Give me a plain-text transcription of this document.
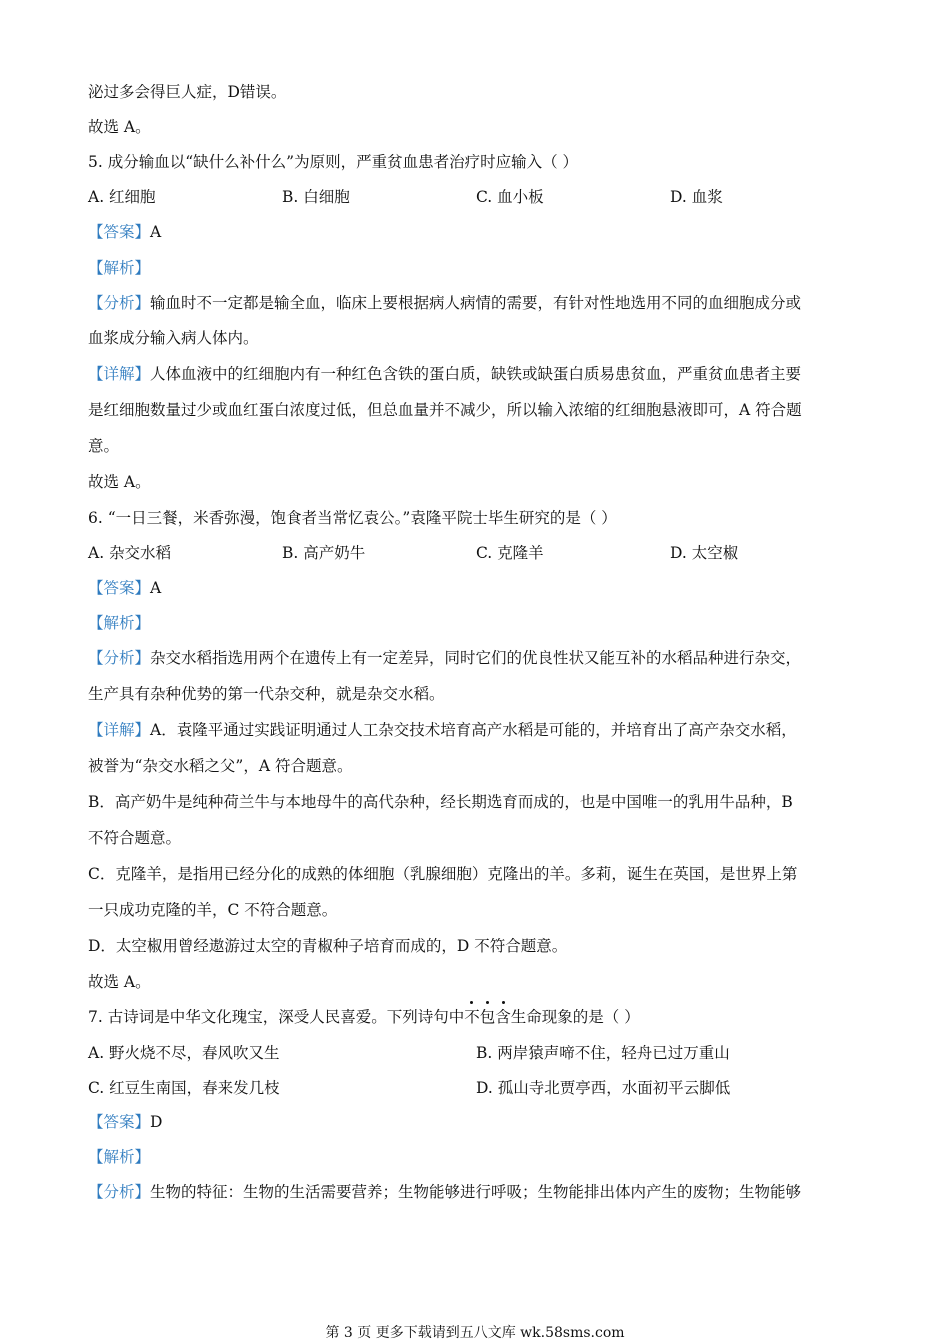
泌过多会得巨人症，D错误。
故选 A。
5. 成分输血以“缺什么补什么”为原则，严重贫血患者治疗时应输入（ ）
A. 红细胞	B. 白细胞	C. 血小板	D. 血浆
【答案】A
【解析】
【分析】输血时不一定都是输全血，临床上要根据病人病情的需要，有针对性地选用不同的血细胞成分或
血浆成分输入病人体内。
【详解】人体血液中的红细胞内有一种红色含铁的蛋白质，缺铁或缺蛋白质易患贫血，严重贫血患者主要
是红细胞数量过少或血红蛋白浓度过低，但总血量并不减少，所以输入浓缩的红细胞悬液即可，A 符合题
意。
故选 A。
6. “一日三餐，米香弥漫，饱食者当常忆袁公。”袁隆平院士毕生研究的是（ ）
A. 杂交水稻	B. 高产奶牛	C. 克隆羊	D. 太空椒
【答案】A
【解析】
【分析】杂交水稻指选用两个在遗传上有一定差异，同时它们的优良性状又能互补的水稻品种进行杂交，
生产具有杂种优势的第一代杂交种，就是杂交水稻。
【详解】A．袁隆平通过实践证明通过人工杂交技术培育高产水稻是可能的，并培育出了高产杂交水稻，
被誉为“杂交水稻之父”，A 符合题意。
B．高产奶牛是纯种荷兰牛与本地母牛的高代杂种，经长期选育而成的，也是中国唯一的乳用牛品种，B
不符合题意。
C．克隆羊，是指用已经分化的成熟的体细胞（乳腺细胞）克隆出的羊。多莉，诞生在英国，是世界上第
一只成功克隆的羊，C 不符合题意。
D．太空椒用曾经遨游过太空的青椒种子培育而成的，D 不符合题意。
故选 A。
7. 古诗词是中华文化瑰宝，深受人民喜爱。下列诗句中不包含生命现象的是（ ）
A. 野火烧不尽，春风吹又生	B. 两岸猿声啼不住，轻舟已过万重山
C. 红豆生南国，春来发几枝	D. 孤山寺北贾亭西，水面初平云脚低
【答案】D
【解析】
【分析】生物的特征：生物的生活需要营养；生物能够进行呼吸；生物能排出体内产生的废物；生物能够
第 3 页 更多下载请到五八文库 wk.58sms.com
